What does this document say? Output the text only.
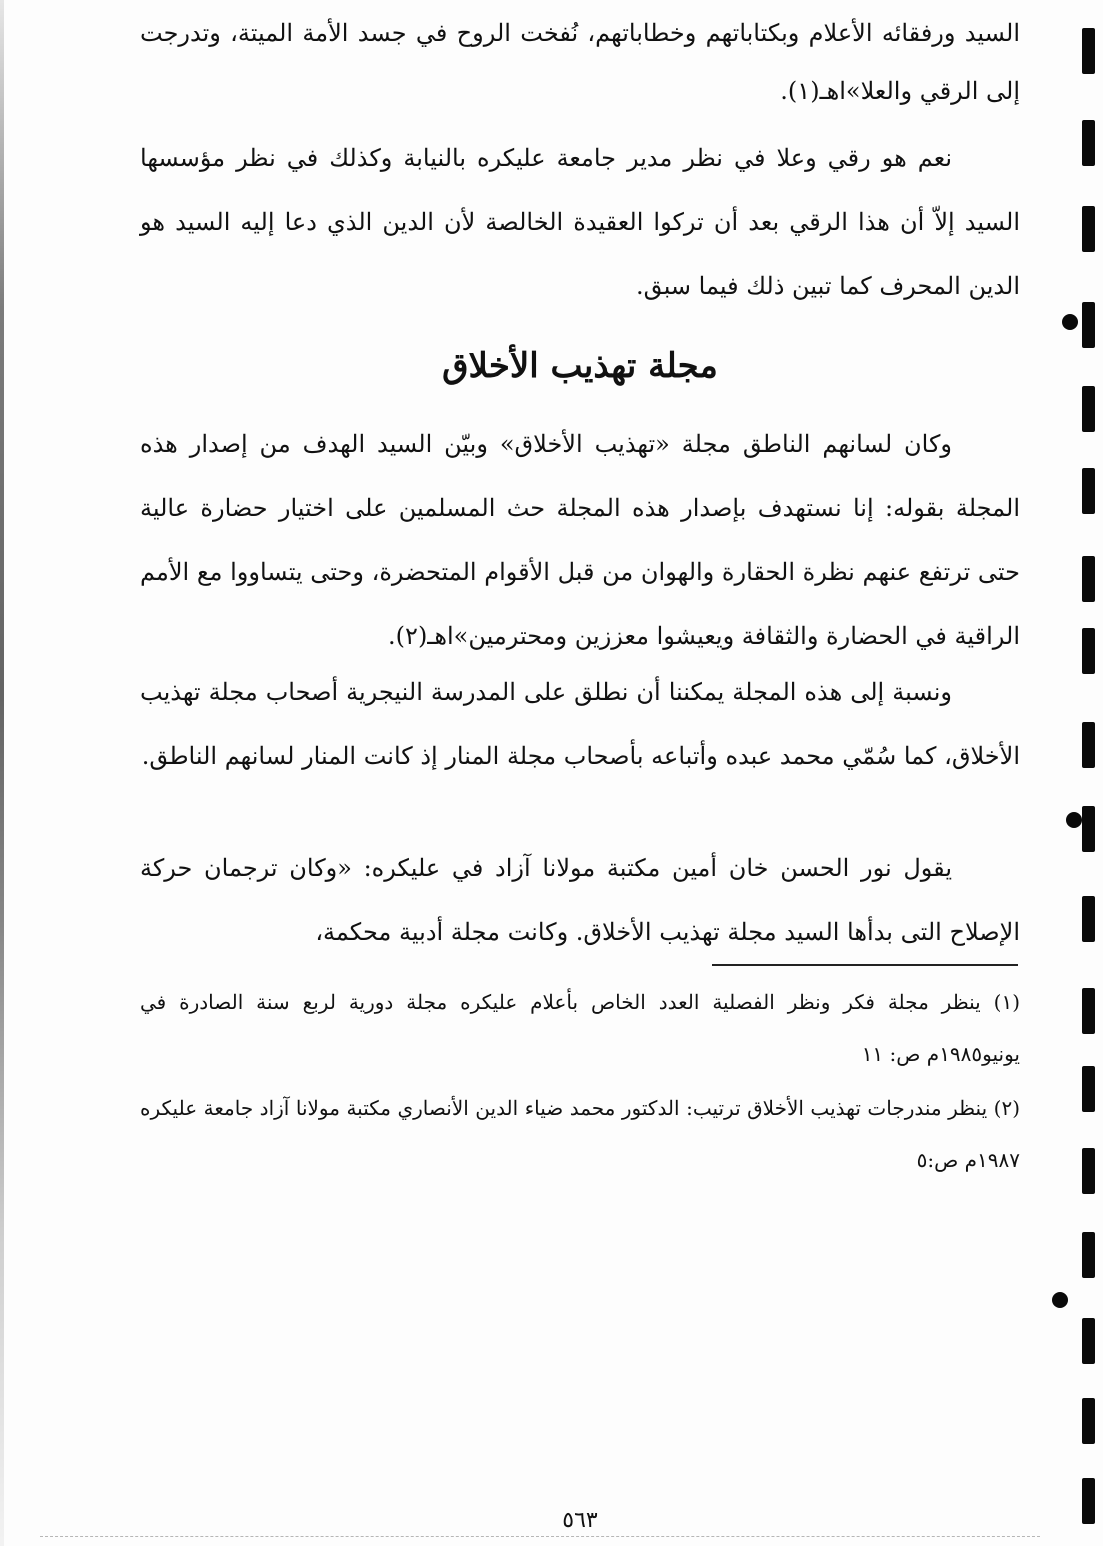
السيد ورفقائه الأعلام وبكتاباتهم وخطاباتهم، نُفخت الروح في جسد الأمة الميتة، وتدرجت إلى الرقي والعلا»اهـ(١).

نعم هو رقي وعلا في نظر مدير جامعة عليكره بالنيابة وكذلك في نظر مؤسسها السيد إلاّ أن هذا الرقي بعد أن تركوا العقيدة الخالصة لأن الدين الذي دعا إليه السيد هو الدين المحرف كما تبين ذلك فيما سبق.

مجلة تهذيب الأخلاق

وكان لسانهم الناطق مجلة «تهذيب الأخلاق» وبيّن السيد الهدف من إصدار هذه المجلة بقوله: إنا نستهدف بإصدار هذه المجلة حث المسلمين على اختيار حضارة عالية حتى ترتفع عنهم نظرة الحقارة والهوان من قبل الأقوام المتحضرة، وحتى يتساووا مع الأمم الراقية في الحضارة والثقافة ويعيشوا معززين ومحترمين»اهـ(٢).

ونسبة إلى هذه المجلة يمكننا أن نطلق على المدرسة النيجرية أصحاب مجلة تهذيب الأخلاق، كما سُمّي محمد عبده وأتباعه بأصحاب مجلة المنار إذ كانت المنار لسانهم الناطق.

يقول نور الحسن خان أمين مكتبة مولانا آزاد في عليكره: «وكان ترجمان حركة الإصلاح التى بدأها السيد مجلة تهذيب الأخلاق. وكانت مجلة أدبية محكمة،

(١) ينظر مجلة فكر ونظر الفصلية العدد الخاص بأعلام عليكره مجلة دورية لربع سنة الصادرة في يونيو١٩٨٥م ص: ١١

(٢) ينظر مندرجات تهذيب الأخلاق ترتيب: الدكتور محمد ضياء الدين الأنصاري مكتبة مولانا آزاد جامعة عليكره ١٩٨٧م ص:٥

٥٦٣
